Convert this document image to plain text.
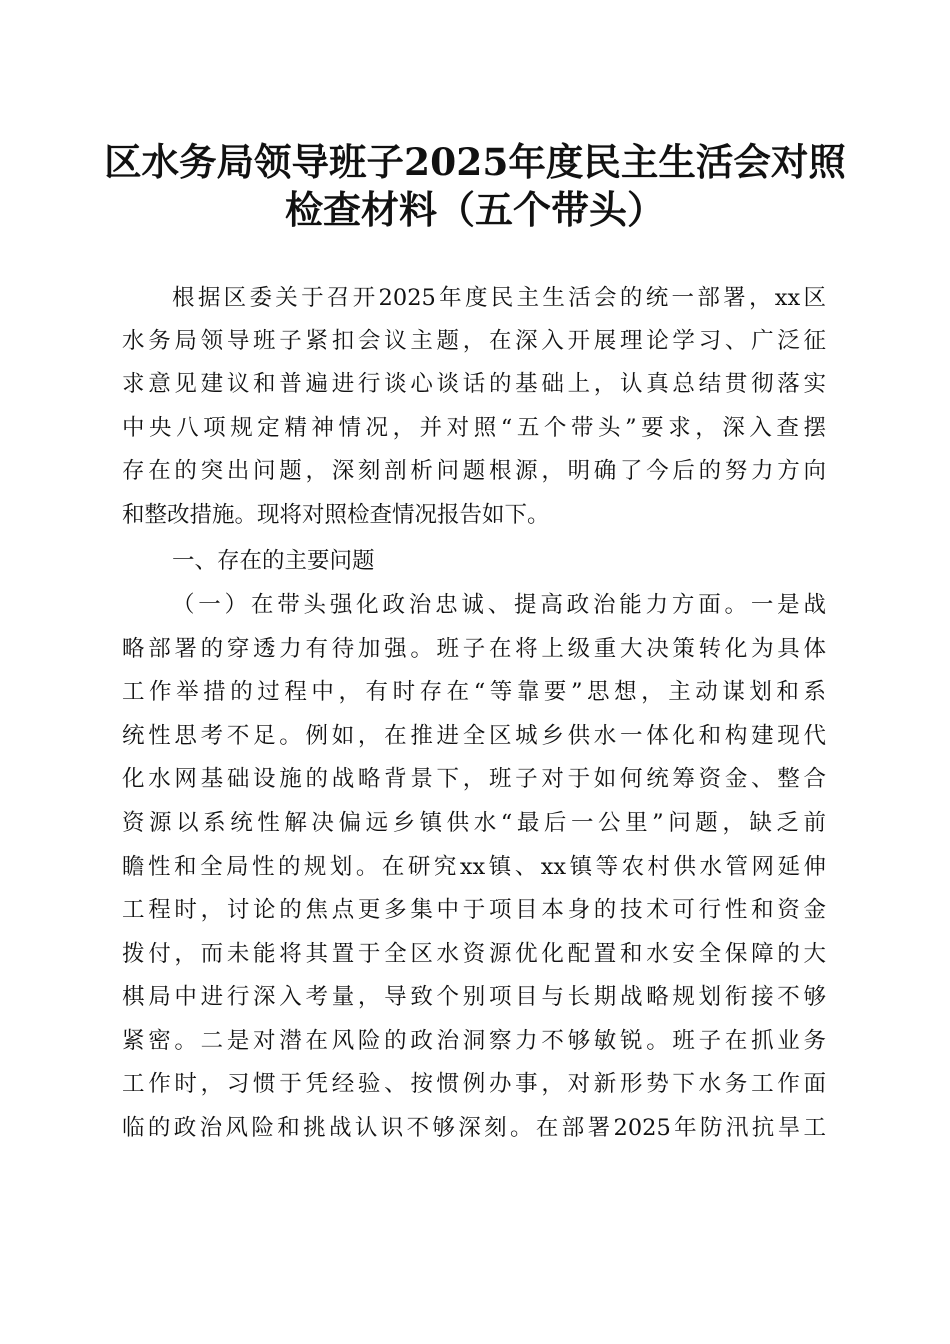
区水务局领导班子2025年度民主生活会对照
检查材料（五个带头）
根据区委关于召开2025年度民主生活会的统一部署，xx区
水务局领导班子紧扣会议主题，在深入开展理论学习、广泛征
求意见建议和普遍进行谈心谈话的基础上，认真总结贯彻落实
中央八项规定精神情况，并对照“五个带头”要求，深入查摆
存在的突出问题，深刻剖析问题根源，明确了今后的努力方向
和整改措施。现将对照检查情况报告如下。
一、存在的主要问题
（一）在带头强化政治忠诚、提高政治能力方面。一是战
略部署的穿透力有待加强。班子在将上级重大决策转化为具体
工作举措的过程中，有时存在“等靠要”思想，主动谋划和系
统性思考不足。例如，在推进全区城乡供水一体化和构建现代
化水网基础设施的战略背景下，班子对于如何统筹资金、整合
资源以系统性解决偏远乡镇供水“最后一公里”问题，缺乏前
瞻性和全局性的规划。在研究xx镇、xx镇等农村供水管网延伸
工程时，讨论的焦点更多集中于项目本身的技术可行性和资金
拨付，而未能将其置于全区水资源优化配置和水安全保障的大
棋局中进行深入考量，导致个别项目与长期战略规划衔接不够
紧密。二是对潜在风险的政治洞察力不够敏锐。班子在抓业务
工作时，习惯于凭经验、按惯例办事，对新形势下水务工作面
临的政治风险和挑战认识不够深刻。在部署2025年防汛抗旱工
